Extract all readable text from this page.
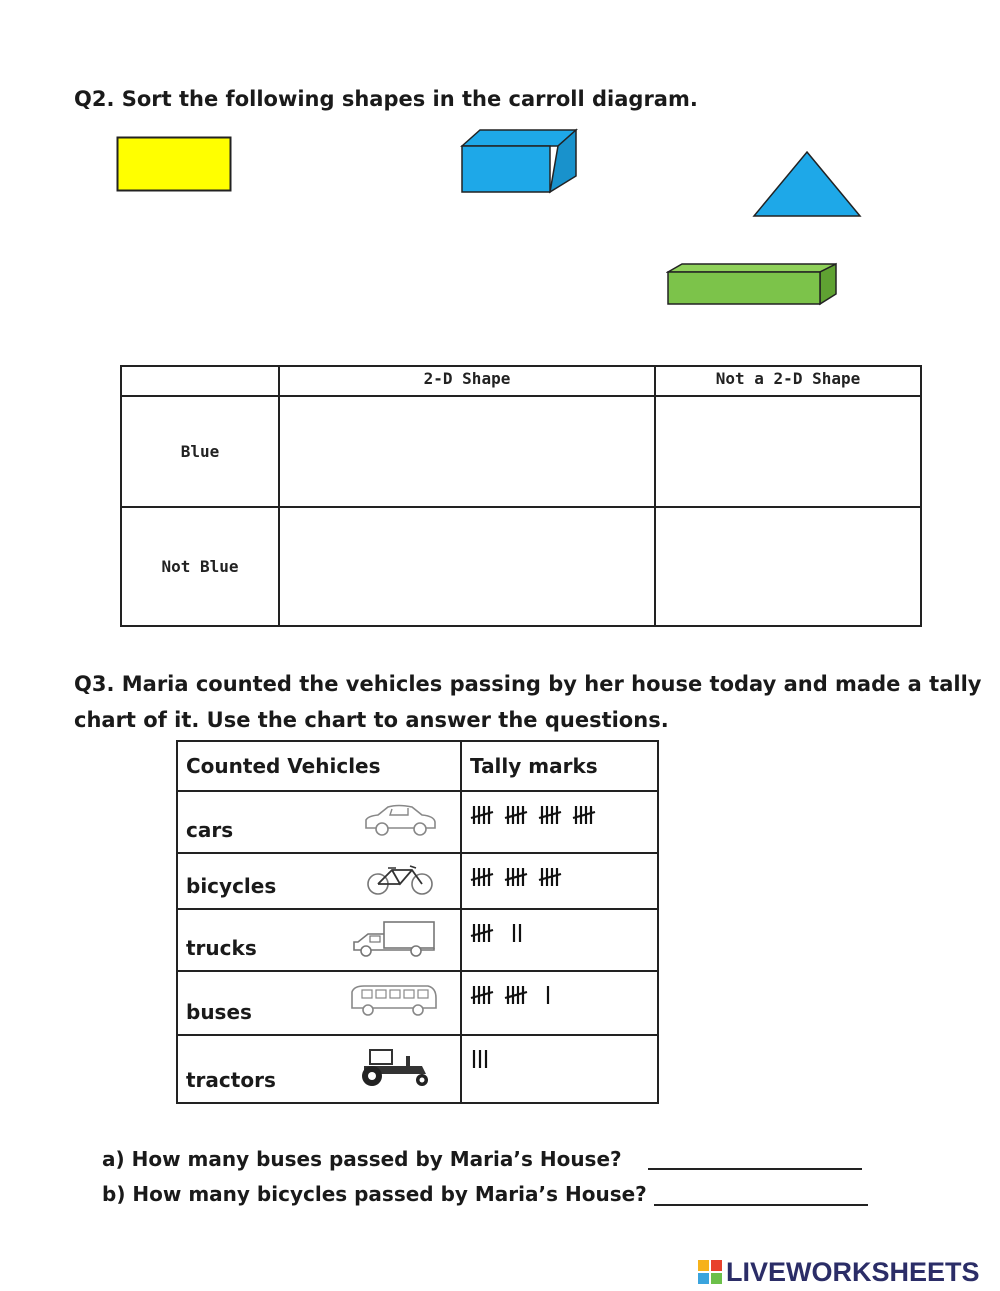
Q2. Sort the following shapes in the carroll diagram.
	2-D Shape	Not a 2-D Shape
Blue		
Not Blue		
Q3. Maria counted the vehicles passing by her house today and made a tally
chart of it. Use the chart to answer the questions.
Counted Vehicles	Tally marks
cars

bicycles

trucks

buses

tractors

a) How many buses passed by Maria’s House?
b) How many bicycles passed by Maria’s House?
LIVEWORKSHEETS
